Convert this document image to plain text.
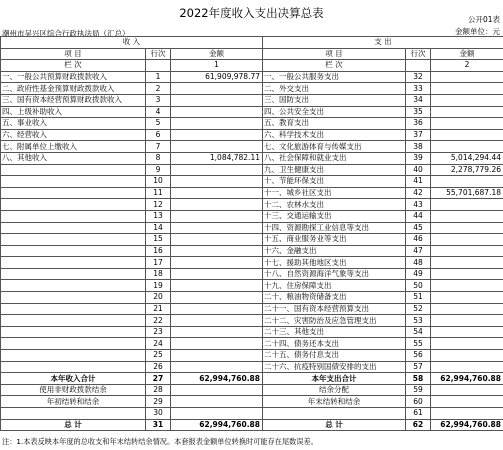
2022年度收入支出决算总表	公开01表
潮州市吴兴区综合行政执法局（汇总）	金额单位：元
收 入			支 出		
项 目	行次	金额	项 目	行次	金额
栏 次		1	栏 次		2
一、一般公共预算财政拨款收入	1	61,909,978.77	一、一般公共服务支出	32	
二、政府性基金预算财政拨款收入	2		二、外交支出	33	
三、国有资本经营预算财政拨款收入	3		三、国防支出	34	
四、上级补助收入	4		四、公共安全支出	35	
五、事业收入	5		五、教育支出	36	
六、经营收入	6		六、科学技术支出	37	
七、附属单位上缴收入	7		七、文化旅游体育与传媒支出	38	
八、其他收入	8	1,084,782.11	八、社会保障和就业支出	39	5,014,294.44
	9		九、卫生健康支出	40	2,278,779.26
	10		十、节能环保支出	41	
	11		十一、城乡社区支出	42	55,701,687.18
	12		十二、农林水支出	43	
	13		十三、交通运输支出	44	
	14		十四、资源勘探工业信息等支出	45	
	15		十五、商业服务业等支出	46	
	16		十六、金融支出	47	
	17		十七、援助其他地区支出	48	
	18		十八、自然资源海洋气象等支出	49	
	19		十九、住房保障支出	50	
	20		二十、粮油物资储备支出	51	
	21		二十一、国有资本经营预算支出	52	
	22		二十二、灾害防治及应急管理支出	53	
	23		二十三、其他支出	54	
	24		二十四、债务还本支出	55	
	25		二十五、债务付息支出	56	
	26		二十六、抗疫特别国债安排的支出	57	
本年收入合计	27	62,994,760.88	本年支出合计	58	62,994,760.88
使用非财政拨款结余	28		结余分配	59	
年初结转和结余	29		年末结转和结余	60	
	30			61	
总 计	31	62,994,760.88	总 计	62	62,994,760.88
注：1.本表反映本年度的总收支和年末结转结余情况。本套报表金额单位转换时可能存在尾数误差。
